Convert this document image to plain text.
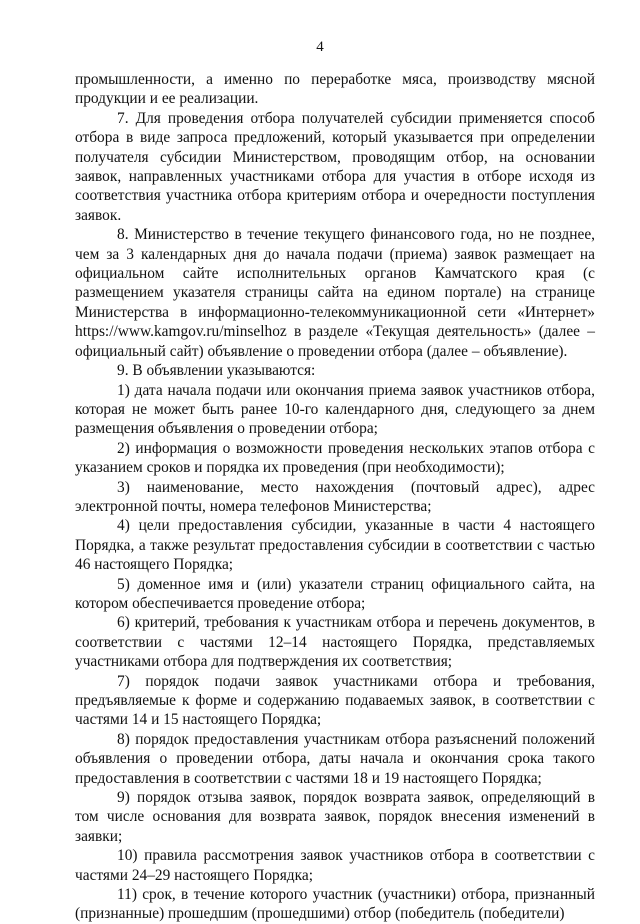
4

промышленности, а именно по переработке мяса, производству мясной продукции и ее реализации.

7. Для проведения отбора получателей субсидии применяется способ отбора в виде запроса предложений, который указывается при определении получателя субсидии Министерством, проводящим отбор, на основании заявок, направленных участниками отбора для участия в отборе исходя из соответствия участника отбора критериям отбора и очередности поступления заявок.

8. Министерство в течение текущего финансового года, но не позднее, чем за 3 календарных дня до начала подачи (приема) заявок размещает на официальном сайте исполнительных органов Камчатского края (с размещением указателя страницы сайта на едином портале) на странице Министерства в информационно-телекоммуникационной сети «Интернет» https://www.kamgov.ru/minselhoz в разделе «Текущая деятельность» (далее – официальный сайт) объявление о проведении отбора (далее – объявление).

9. В объявлении указываются:

1) дата начала подачи или окончания приема заявок участников отбора, которая не может быть ранее 10-го календарного дня, следующего за днем размещения объявления о проведении отбора;

2) информация о возможности проведения нескольких этапов отбора с указанием сроков и порядка их проведения (при необходимости);

3) наименование, место нахождения (почтовый адрес), адрес электронной почты, номера телефонов Министерства;

4) цели предоставления субсидии, указанные в части 4 настоящего Порядка, а также результат предоставления субсидии в соответствии с частью 46 настоящего Порядка;

5) доменное имя и (или) указатели страниц официального сайта, на котором обеспечивается проведение отбора;

6) критерий, требования к участникам отбора и перечень документов, в соответствии с частями 12–14 настоящего Порядка, представляемых участниками отбора для подтверждения их соответствия;

7) порядок подачи заявок участниками отбора и требования, предъявляемые к форме и содержанию подаваемых заявок, в соответствии с частями 14 и 15 настоящего Порядка;

8) порядок предоставления участникам отбора разъяснений положений объявления о проведении отбора, даты начала и окончания срока такого предоставления в соответствии с частями 18 и 19 настоящего Порядка;

9) порядок отзыва заявок, порядок возврата заявок, определяющий в том числе основания для возврата заявок, порядок внесения изменений в заявки;

10) правила рассмотрения заявок участников отбора в соответствии с частями 24–29 настоящего Порядка;

11) срок, в течение которого участник (участники) отбора, признанный (признанные) прошедшим (прошедшими) отбор (победитель (победители)
